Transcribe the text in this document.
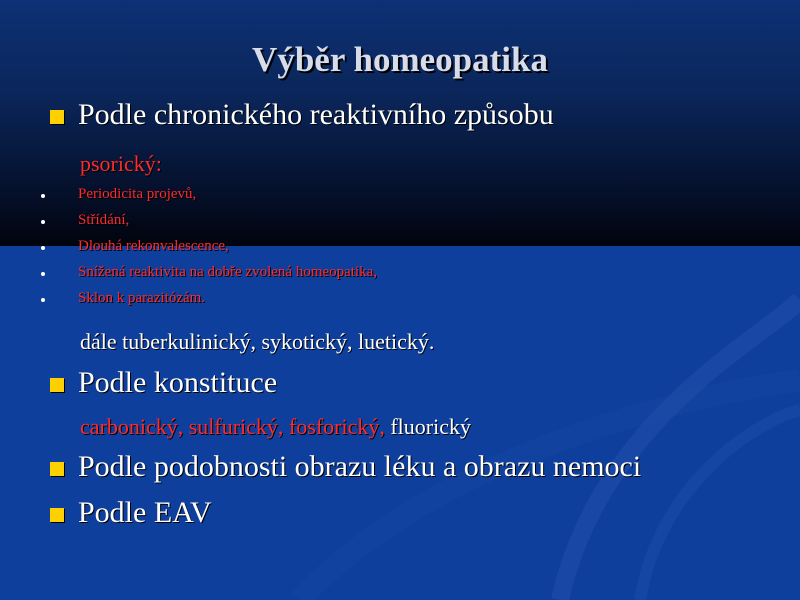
Výběr homeopatika
Podle chronického reaktivního způsobu
psorický:
Periodicita projevů,
Střídání,
Dlouhá rekonvalescence,
Snížená reaktivita na dobře zvolená homeopatika,
Sklon k parazitózám.
dále tuberkulinický, sykotický, luetický.
Podle konstituce
carbonický, sulfurický, fosforický, fluorický
Podle podobnosti obrazu léku a obrazu nemoci
Podle EAV
